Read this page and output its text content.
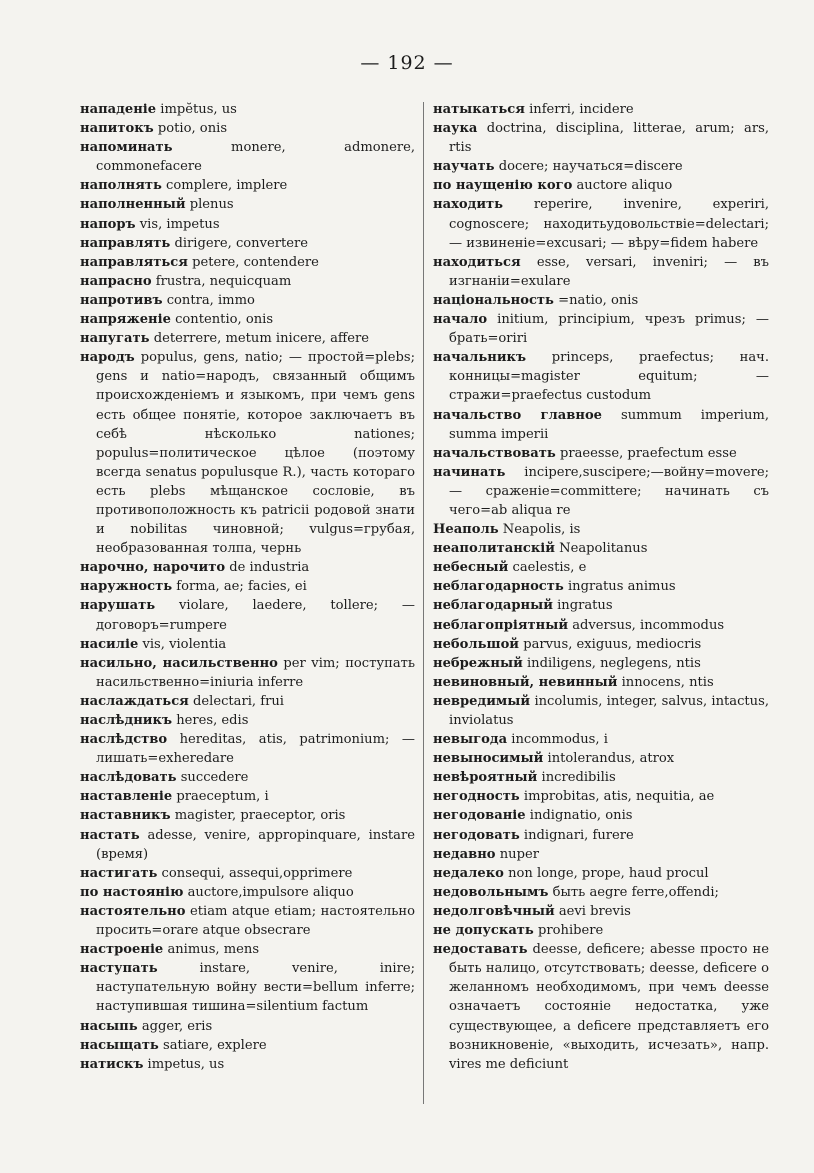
— 192 —
нападеніе impĕtus, us
напитокъ potio, onis
напоминать	monere, admonere, commonefacere
наполнять complere, implere
наполненный plenus
напоръ vis, impetus
направлять dirigere, convertere
направляться petere, contendere
напрасно frustra, nequicquam
напротивъ contra, immo
напряженіе contentio, onis
напугать deterrere, metum inicere, affere
народъ populus, gens, natio; — простой=plebs; gens и natio=народъ, связанный общимъ происхожденіемъ и языкомъ, при чемъ gens есть общее понятіе, которое заключаетъ въ себѣ нѣсколько nationes; populus=политическое цѣлое (поэтому всегда senatus populusque R.), часть котораго есть plebs мѣщанское сословіе, въ противоположность къ patricii родовой знати и nobilitas чиновной; vulgus=грубая, необразованная толпа, чернь
нарочно, нарочито de industria
наружность forma, ae; facies, ei
нарушать violare, laedere, tollere; — договоръ=rumpere
насиліе vis, violentia
насильно, насильственно per vim; поступать насильственно=iniuria inferre
наслаждаться delectari, frui
наслѣдникъ heres, edis
наслѣдство hereditas, atis, patrimonium; — лишать=exheredare
наслѣдовать succedere
наставленіе praeceptum, i
наставникъ magister, praeceptor, oris
настать adesse, venire, appropinquare, instare (время)
настигать consequi, assequi,opprimere
по настоянію auctore,impulsore aliquo
настоятельно etiam atque etiam; настоятельно просить=orare atque obsecrare
настроеніе animus, mens
наступать	instare, venire, inire; наступательную войну вести=bellum inferre; наступившая тишина=silentium factum
насыпь agger, eris
насыщать satiare, explere
натискъ impetus, us
натыкаться inferri, incidere
наука doctrina, disciplina, litterae, arum; ars, rtis
научать docere; научаться=discere
по наущенію кого auctore aliquo
находить reperire, invenire, experiri, cognoscere; находитьудовольствіе=delectari; — извиненіе=excusari; — вѣру=fidem habere
находиться esse, versari, inveniri; — въ изгнаніи=exulare
національность =natio, onis
начало initium, principium, чрезъ primus; — брать=oriri
начальникъ princeps, praefectus; нач. конницы=magister equitum; — стражи=praefectus custodum
начальство главное summum imperium, summa imperii
начальствовать praeesse, praefectum esse
начинать incipere,suscipere;—войну=movere; — сраженіе=committere; начинать съ чего=ab aliqua re
Неаполь Neapolis, is
неаполитанскій Neapolitanus
небесный caelestis, e
неблагодарность ingratus animus
неблагодарный ingratus
неблагопріятный adversus, incommodus
небольшой parvus, exiguus, mediocris
небрежный indiligens, neglegens, ntis
невиновный, невинный innocens, ntis
невредимый incolumis, integer, salvus, intactus, inviolatus
невыгода incommodus, i
невыносимый intolerandus, atrox
невѣроятный incredibilis
негодность improbitas, atis, nequitia, ae
негодованіе indignatio, onis
негодовать indignari, furere
недавно nuper
недалеко non longe, prope, haud procul
недовольнымъ быть aegre ferre,offendi;
недолговѣчный aevi brevis
не допускать prohibere
недоставать deesse, deficere; abesse просто не быть налицо, отсутствовать; deesse, deficere о желанномъ необходимомъ, при чемъ deesse означаетъ состояніе недостатка, уже существующее, a deficere представляетъ его возникновеніе, «выходить, исчезать», напр. vires me deficiunt
